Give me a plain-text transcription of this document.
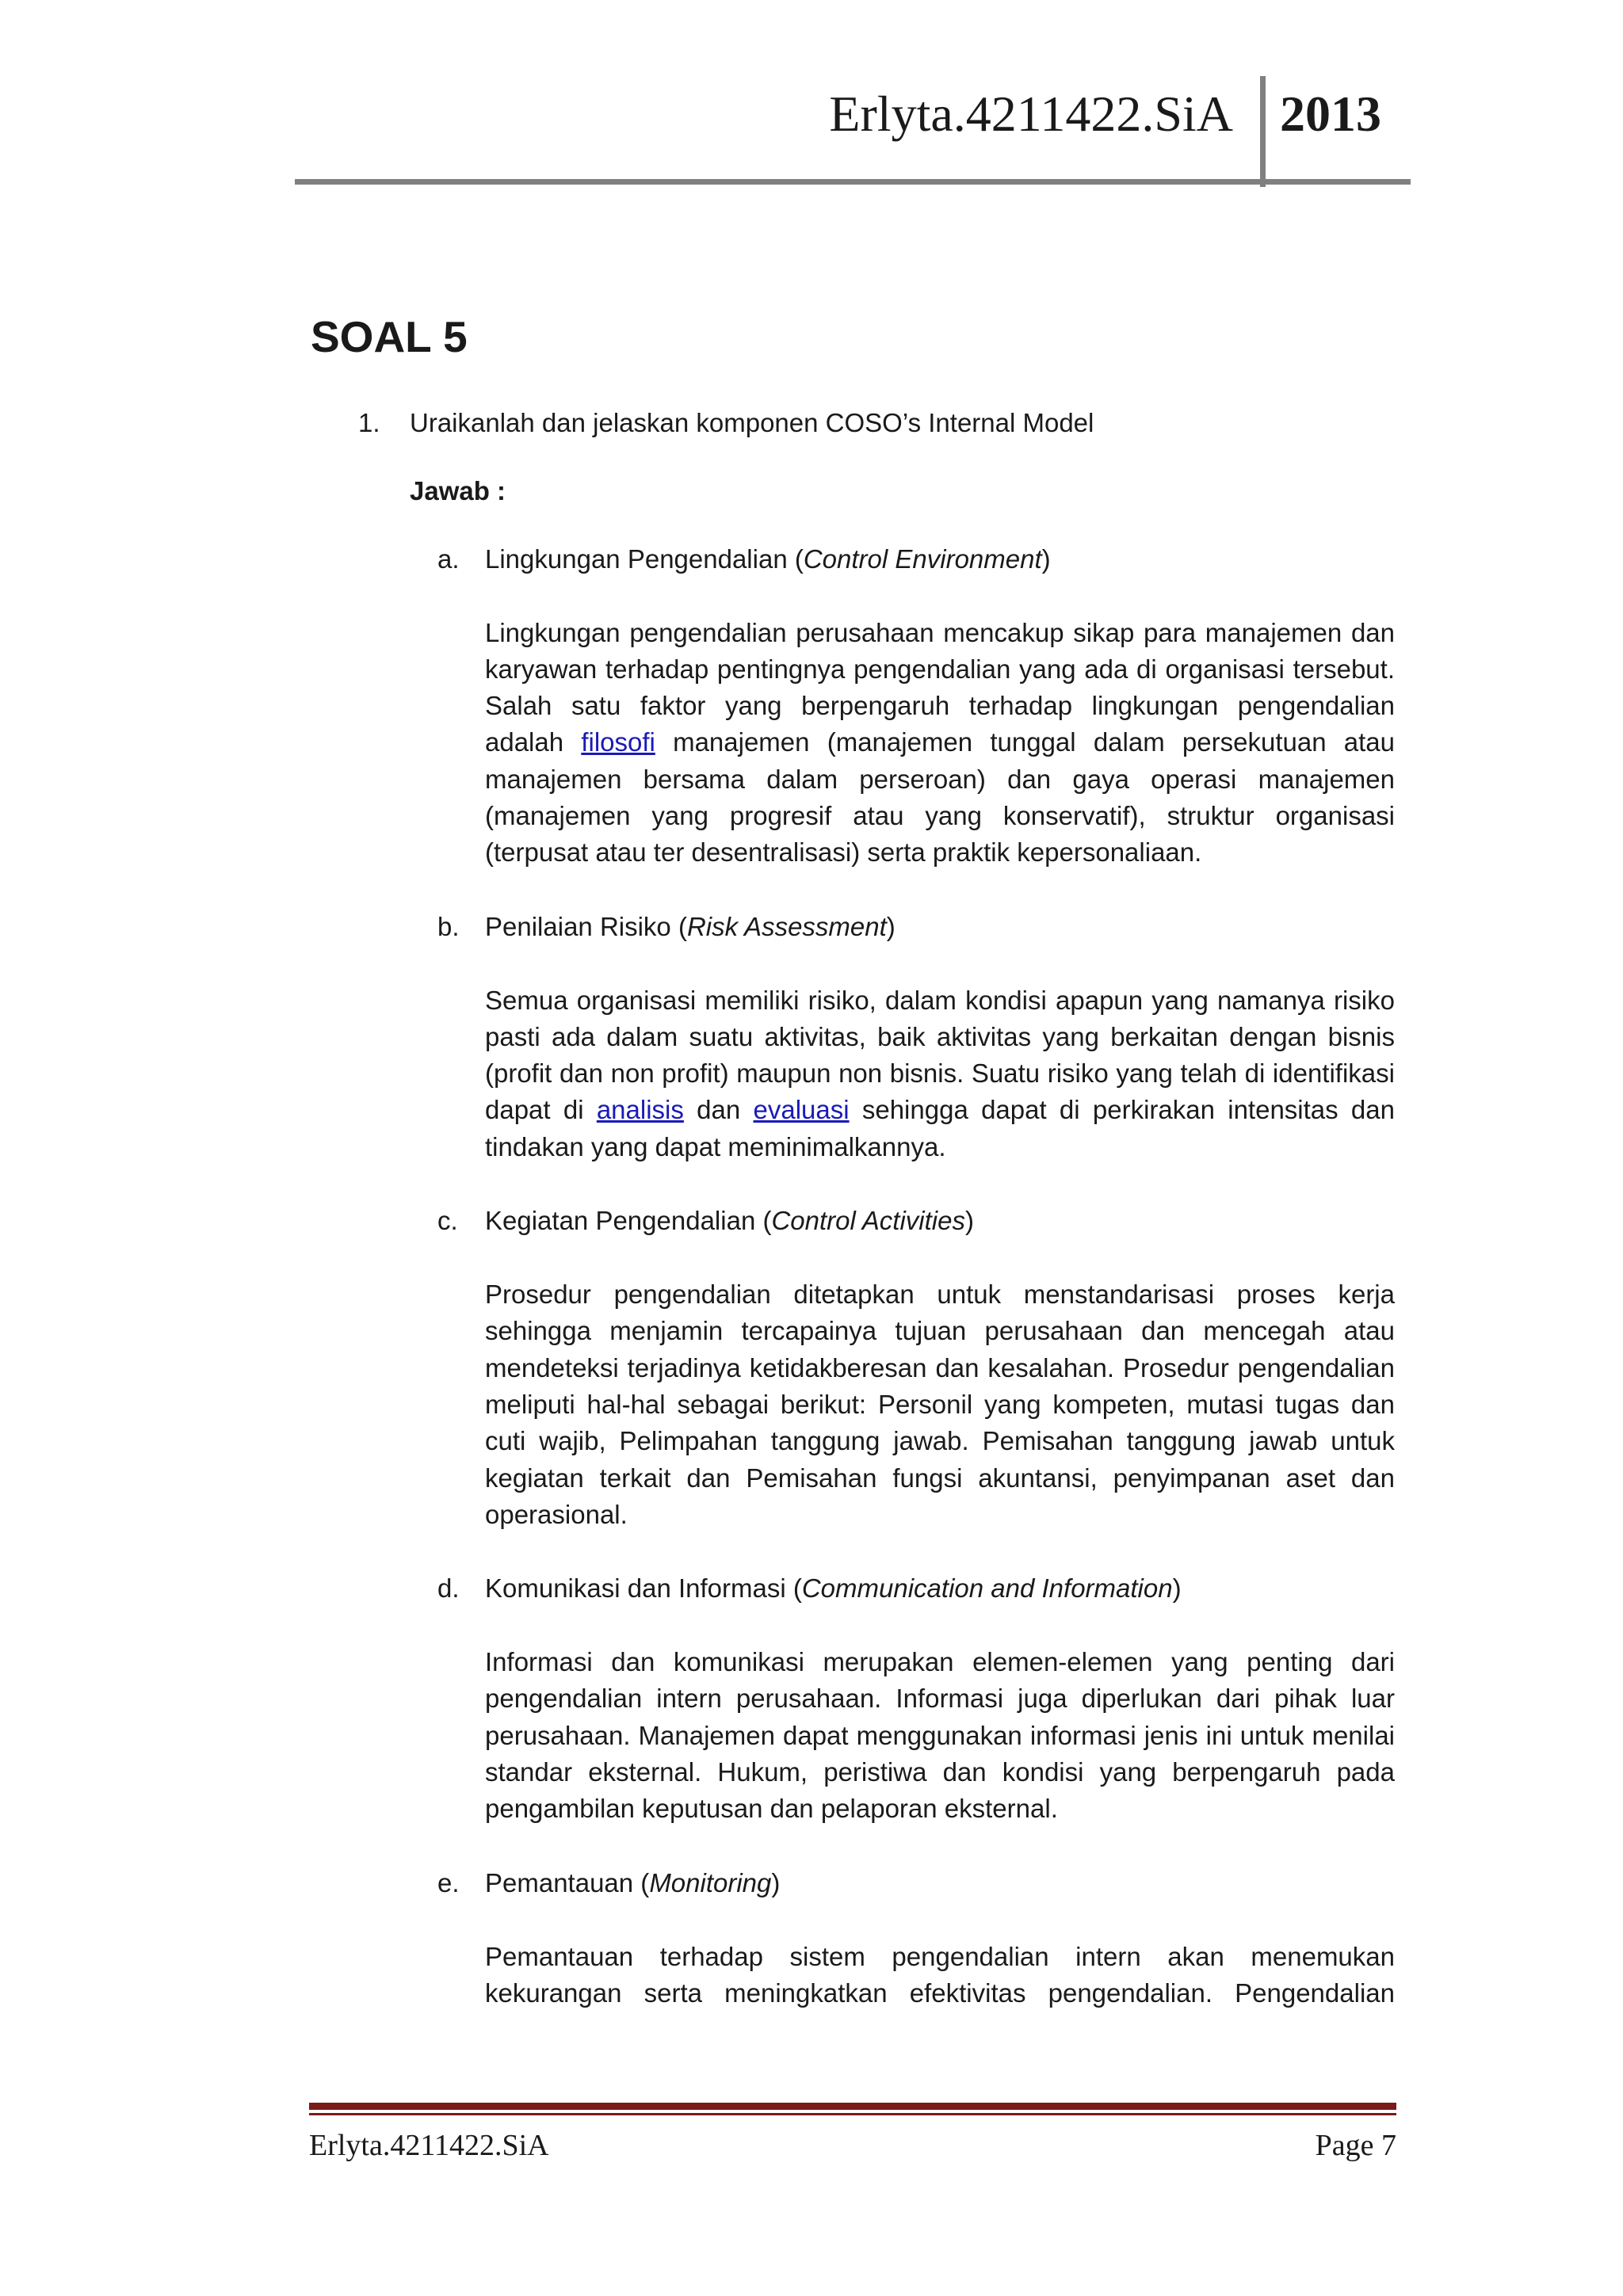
Erlyta.4211422.SiA 2013
SOAL 5
1. Uraikanlah dan jelaskan komponen COSO’s Internal Model
Jawab :
a. Lingkungan Pengendalian (Control Environment)
Lingkungan pengendalian perusahaan mencakup sikap para manajemen dan karyawan terhadap pentingnya pengendalian yang ada di organisasi tersebut. Salah satu faktor yang berpengaruh terhadap lingkungan pengendalian adalah filosofi manajemen (manajemen tunggal dalam persekutuan atau manajemen bersama dalam perseroan) dan gaya operasi manajemen (manajemen yang progresif atau yang konservatif), struktur organisasi (terpusat atau ter desentralisasi) serta praktik kepersonaliaan.
b. Penilaian Risiko (Risk Assessment)
Semua organisasi memiliki risiko, dalam kondisi apapun yang namanya risiko pasti ada dalam suatu aktivitas, baik aktivitas yang berkaitan dengan bisnis (profit dan non profit) maupun non bisnis. Suatu risiko yang telah di identifikasi dapat di analisis dan evaluasi sehingga dapat di perkirakan intensitas dan tindakan yang dapat meminimalkannya.
c. Kegiatan Pengendalian (Control Activities)
Prosedur pengendalian ditetapkan untuk menstandarisasi proses kerja sehingga menjamin tercapainya tujuan perusahaan dan mencegah atau mendeteksi terjadinya ketidakberesan dan kesalahan. Prosedur pengendalian meliputi hal-hal sebagai berikut: Personil yang kompeten, mutasi tugas dan cuti wajib, Pelimpahan tanggung jawab. Pemisahan tanggung jawab untuk kegiatan terkait dan Pemisahan fungsi akuntansi, penyimpanan aset dan operasional.
d. Komunikasi dan Informasi (Communication and Information)
Informasi dan komunikasi merupakan elemen-elemen yang penting dari pengendalian intern perusahaan. Informasi juga diperlukan dari pihak luar perusahaan. Manajemen dapat menggunakan informasi jenis ini untuk menilai standar eksternal. Hukum, peristiwa dan kondisi yang berpengaruh pada pengambilan keputusan dan pelaporan eksternal.
e. Pemantauan (Monitoring)
Pemantauan terhadap sistem pengendalian intern akan menemukan kekurangan serta meningkatkan efektivitas pengendalian. Pengendalian
Erlyta.4211422.SiA	Page 7
